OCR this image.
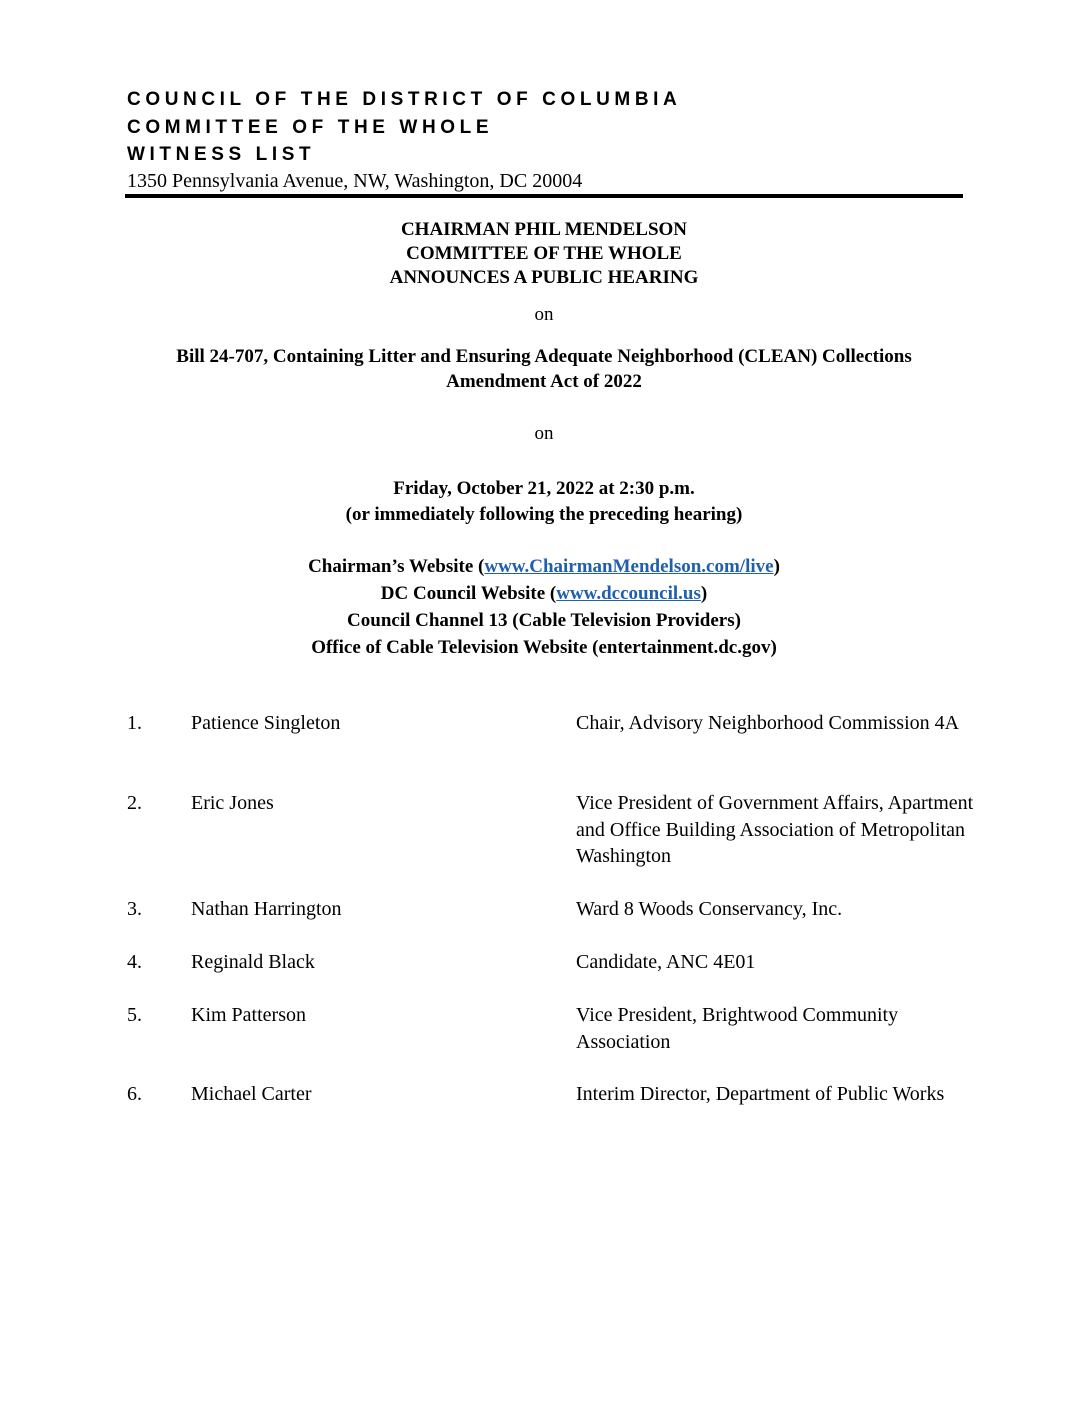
COUNCIL OF THE DISTRICT OF COLUMBIA
COMMITTEE OF THE WHOLE
WITNESS LIST
1350 Pennsylvania Avenue, NW, Washington, DC 20004
CHAIRMAN PHIL MENDELSON
COMMITTEE OF THE WHOLE
ANNOUNCES A PUBLIC HEARING
on
Bill 24-707, Containing Litter and Ensuring Adequate Neighborhood (CLEAN) Collections
Amendment Act of 2022
on
Friday, October 21, 2022 at 2:30 p.m.
(or immediately following the preceding hearing)
Chairman’s Website (www.ChairmanMendelson.com/live)
DC Council Website (www.dccouncil.us)
Council Channel 13 (Cable Television Providers)
Office of Cable Television Website (entertainment.dc.gov)
1. Patience Singleton	Chair, Advisory Neighborhood Commission 4A
2. Eric Jones	Vice President of Government Affairs, Apartment and Office Building Association of Metropolitan Washington
3. Nathan Harrington	Ward 8 Woods Conservancy, Inc.
4. Reginald Black	Candidate, ANC 4E01
5. Kim Patterson	Vice President, Brightwood Community Association
6. Michael Carter	Interim Director, Department of Public Works
